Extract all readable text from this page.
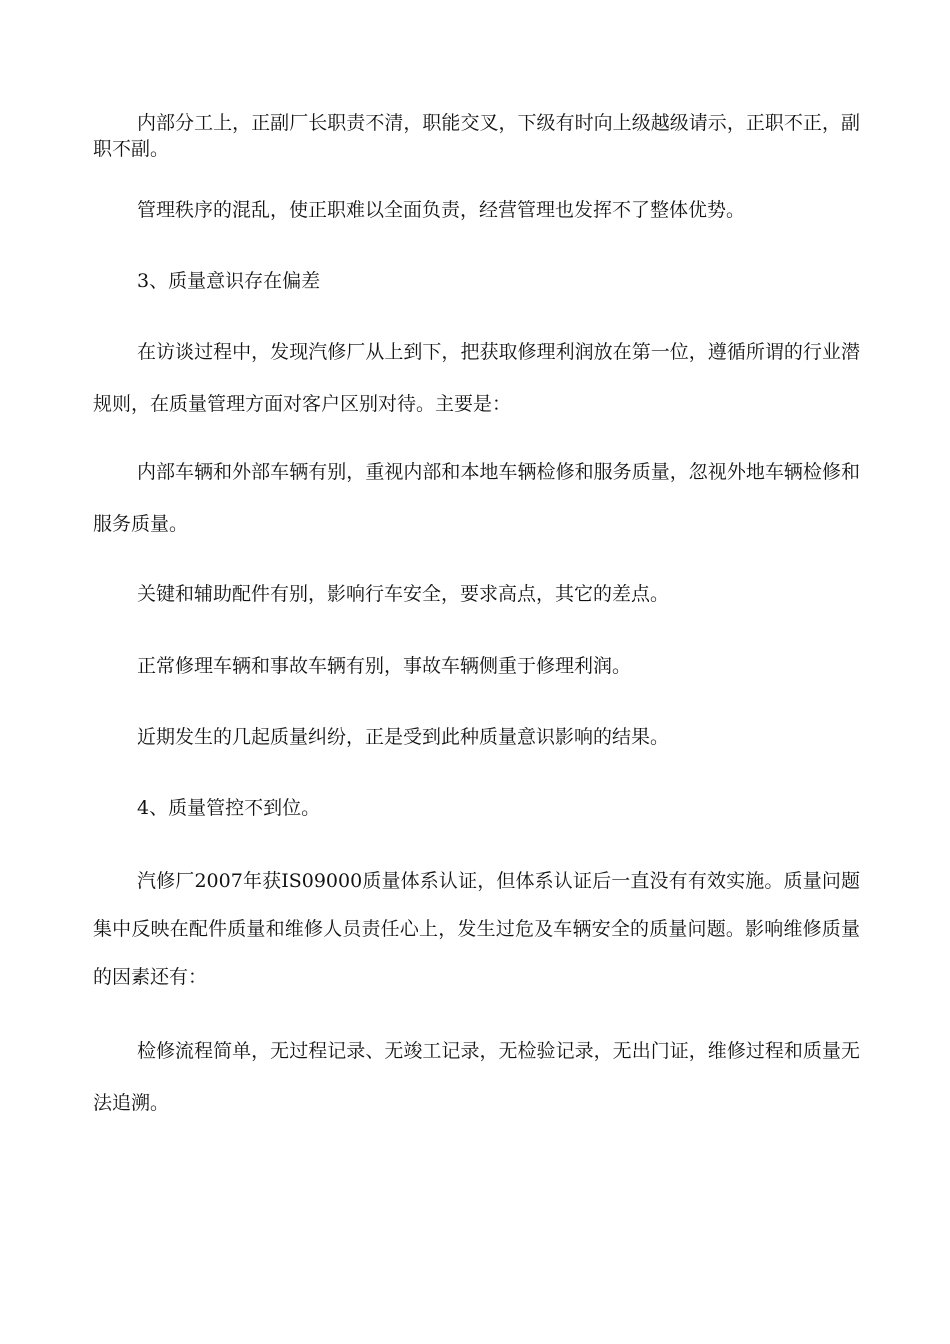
内部分工上，正副厂长职责不清，职能交叉，下级有时向上级越级请示，正职不正，副职不副。

管理秩序的混乱，使正职难以全面负责，经营管理也发挥不了整体优势。

3、质量意识存在偏差

在访谈过程中，发现汽修厂从上到下，把获取修理利润放在第一位，遵循所谓的行业潜规则，在质量管理方面对客户区别对待。主要是：

内部车辆和外部车辆有别，重视内部和本地车辆检修和服务质量，忽视外地车辆检修和服务质量。

关键和辅助配件有别，影响行车安全，要求高点，其它的差点。

正常修理车辆和事故车辆有别，事故车辆侧重于修理利润。

近期发生的几起质量纠纷，正是受到此种质量意识影响的结果。

4、质量管控不到位。

汽修厂2007年获IS09000质量体系认证，但体系认证后一直没有有效实施。质量问题集中反映在配件质量和维修人员责任心上，发生过危及车辆安全的质量问题。影响维修质量的因素还有：

检修流程简单，无过程记录、无竣工记录，无检验记录，无出门证，维修过程和质量无法追溯。
